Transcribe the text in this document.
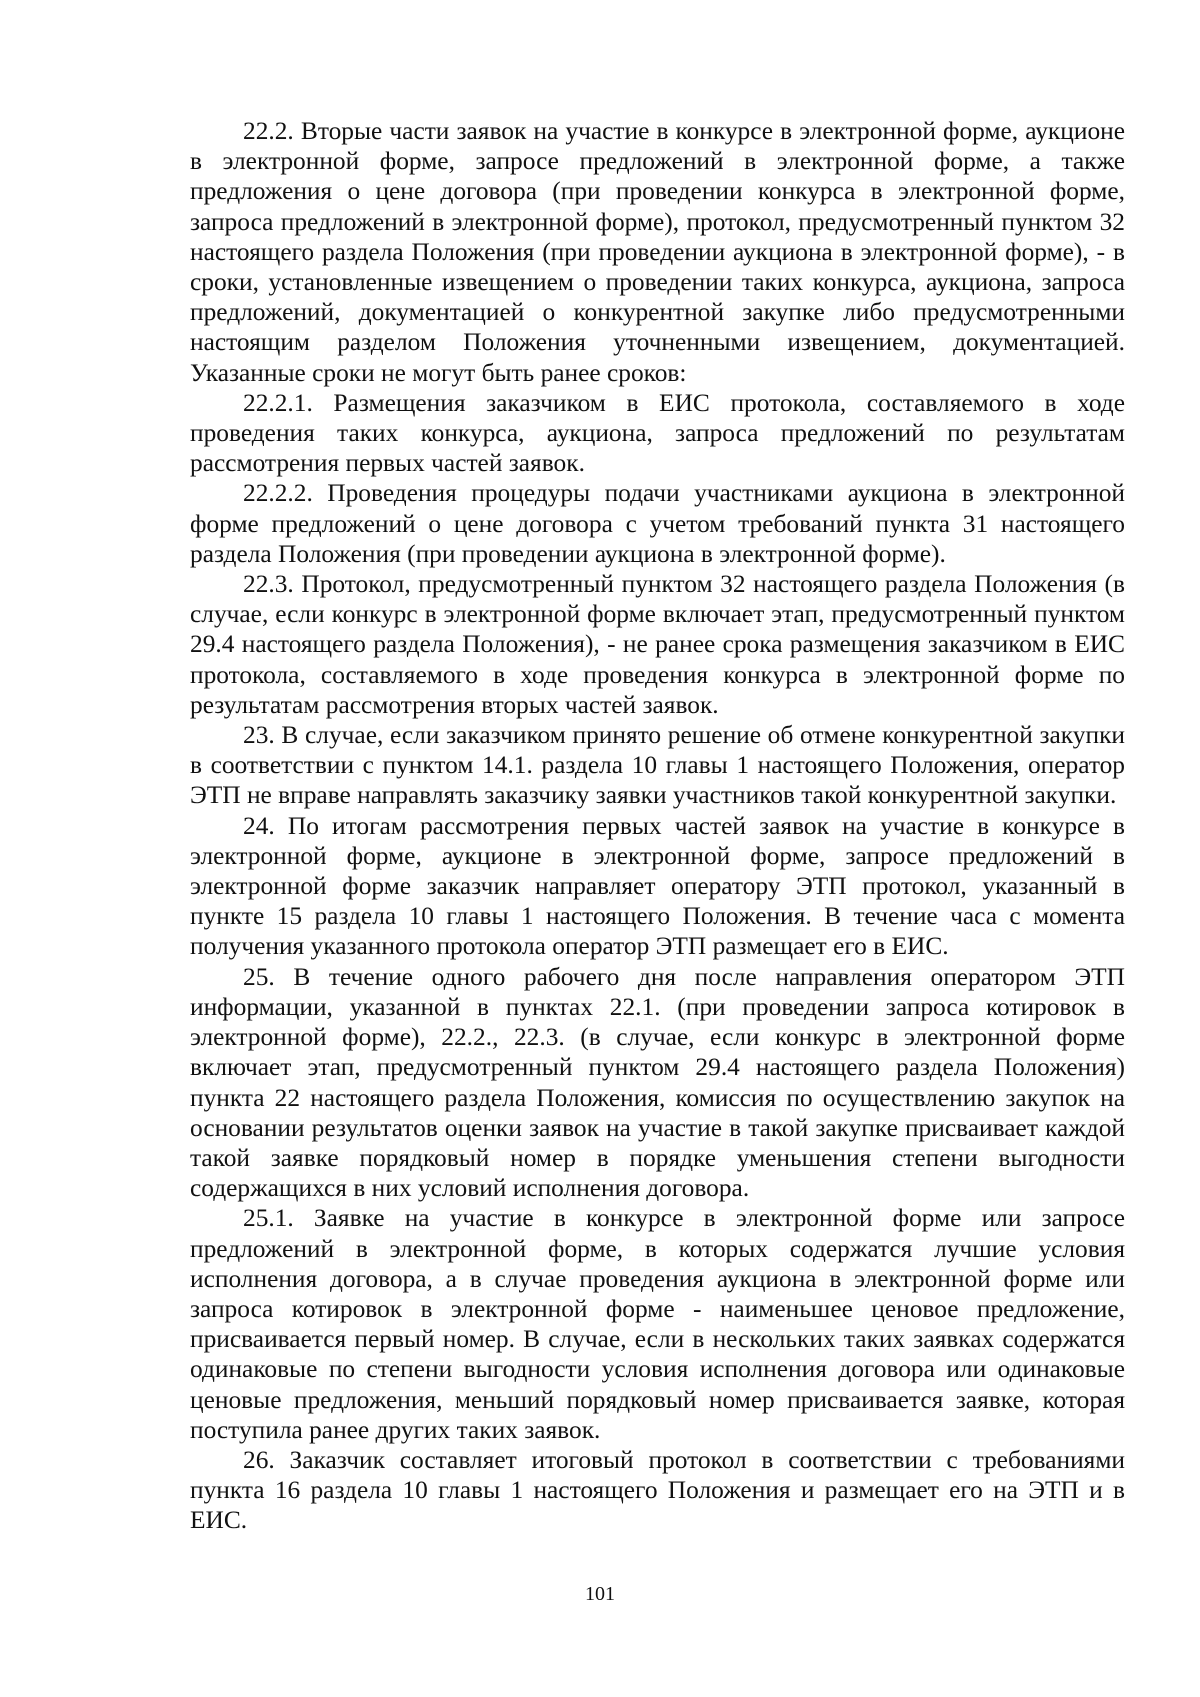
22.2. Вторые части заявок на участие в конкурсе в электронной форме, аукционе в электронной форме, запросе предложений в электронной форме, а также предложения о цене договора (при проведении конкурса в электронной форме, запроса предложений в электронной форме), протокол, предусмотренный пунктом 32 настоящего раздела Положения (при проведении аукциона в электронной форме), - в сроки, установленные извещением о проведении таких конкурса, аукциона, запроса предложений, документацией о конкурентной закупке либо предусмотренными настоящим разделом Положения уточненными извещением, документацией. Указанные сроки не могут быть ранее сроков:

22.2.1. Размещения заказчиком в ЕИС протокола, составляемого в ходе проведения таких конкурса, аукциона, запроса предложений по результатам рассмотрения первых частей заявок.

22.2.2. Проведения процедуры подачи участниками аукциона в электронной форме предложений о цене договора с учетом требований пункта 31 настоящего раздела Положения (при проведении аукциона в электронной форме).

22.3. Протокол, предусмотренный пунктом 32 настоящего раздела Положения (в случае, если конкурс в электронной форме включает этап, предусмотренный пунктом 29.4 настоящего раздела Положения), - не ранее срока размещения заказчиком в ЕИС протокола, составляемого в ходе проведения конкурса в электронной форме по результатам рассмотрения вторых частей заявок.

23. В случае, если заказчиком принято решение об отмене конкурентной закупки в соответствии с пунктом 14.1. раздела 10 главы 1 настоящего Положения, оператор ЭТП не вправе направлять заказчику заявки участников такой конкурентной закупки.

24. По итогам рассмотрения первых частей заявок на участие в конкурсе в электронной форме, аукционе в электронной форме, запросе предложений в электронной форме заказчик направляет оператору ЭТП протокол, указанный в пункте 15 раздела 10 главы 1 настоящего Положения. В течение часа с момента получения указанного протокола оператор ЭТП размещает его в ЕИС.

25. В течение одного рабочего дня после направления оператором ЭТП информации, указанной в пунктах 22.1. (при проведении запроса котировок в электронной форме), 22.2., 22.3. (в случае, если конкурс в электронной форме включает этап, предусмотренный пунктом 29.4 настоящего раздела Положения) пункта 22 настоящего раздела Положения, комиссия по осуществлению закупок на основании результатов оценки заявок на участие в такой закупке присваивает каждой такой заявке порядковый номер в порядке уменьшения степени выгодности содержащихся в них условий исполнения договора.

25.1. Заявке на участие в конкурсе в электронной форме или запросе предложений в электронной форме, в которых содержатся лучшие условия исполнения договора, а в случае проведения аукциона в электронной форме или запроса котировок в электронной форме - наименьшее ценовое предложение, присваивается первый номер. В случае, если в нескольких таких заявках содержатся одинаковые по степени выгодности условия исполнения договора или одинаковые ценовые предложения, меньший порядковый номер присваивается заявке, которая поступила ранее других таких заявок.

26. Заказчик составляет итоговый протокол в соответствии с требованиями пункта 16 раздела 10 главы 1 настоящего Положения и размещает его на ЭТП и в ЕИС.

101
